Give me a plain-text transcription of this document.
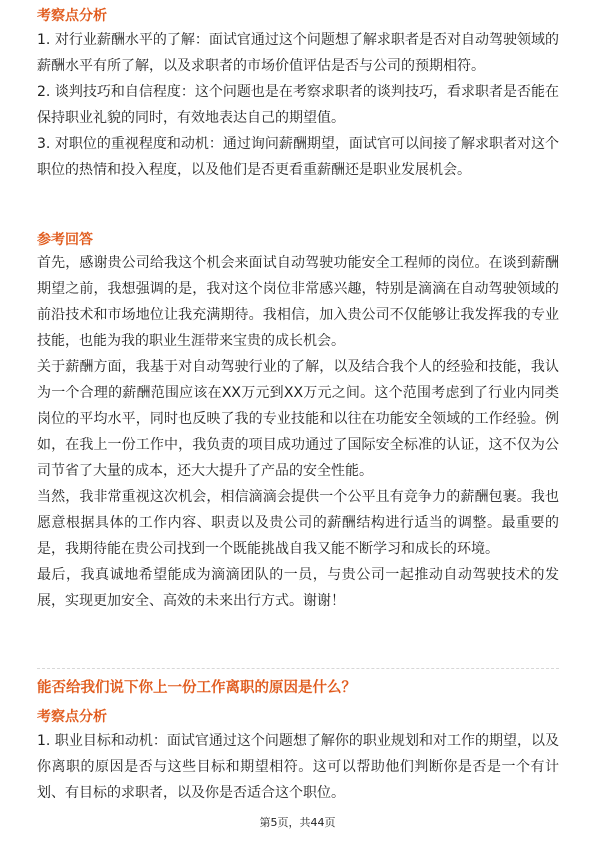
考察点分析

1. 对行业薪酬水平的了解：面试官通过这个问题想了解求职者是否对自动驾驶领域的薪酬水平有所了解，以及求职者的市场价值评估是否与公司的预期相符。

2. 谈判技巧和自信程度：这个问题也是在考察求职者的谈判技巧，看求职者是否能在保持职业礼貌的同时，有效地表达自己的期望值。

3. 对职位的重视程度和动机：通过询问薪酬期望，面试官可以间接了解求职者对这个职位的热情和投入程度，以及他们是否更看重薪酬还是职业发展机会。

参考回答

首先，感谢贵公司给我这个机会来面试自动驾驶功能安全工程师的岗位。在谈到薪酬期望之前，我想强调的是，我对这个岗位非常感兴趣，特别是滴滴在自动驾驶领域的前沿技术和市场地位让我充满期待。我相信，加入贵公司不仅能够让我发挥我的专业技能，也能为我的职业生涯带来宝贵的成长机会。

关于薪酬方面，我基于对自动驾驶行业的了解，以及结合我个人的经验和技能，我认为一个合理的薪酬范围应该在XX万元到XX万元之间。这个范围考虑到了行业内同类岗位的平均水平，同时也反映了我的专业技能和以往在功能安全领域的工作经验。例如，在我上一份工作中，我负责的项目成功通过了国际安全标准的认证，这不仅为公司节省了大量的成本，还大大提升了产品的安全性能。

当然，我非常重视这次机会，相信滴滴会提供一个公平且有竞争力的薪酬包裹。我也愿意根据具体的工作内容、职责以及贵公司的薪酬结构进行适当的调整。最重要的是，我期待能在贵公司找到一个既能挑战自我又能不断学习和成长的环境。

最后，我真诚地希望能成为滴滴团队的一员，与贵公司一起推动自动驾驶技术的发展，实现更加安全、高效的未来出行方式。谢谢！

能否给我们说下你上一份工作离职的原因是什么？
考察点分析

1. 职业目标和动机：面试官通过这个问题想了解你的职业规划和对工作的期望，以及你离职的原因是否与这些目标和期望相符。这可以帮助他们判断你是否是一个有计划、有目标的求职者，以及你是否适合这个职位。

第5页，共44页
